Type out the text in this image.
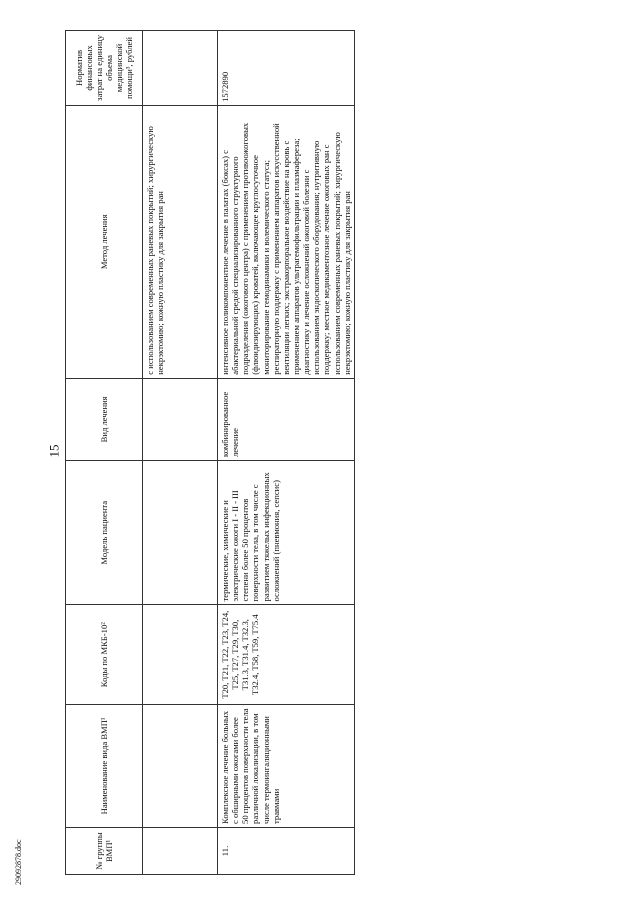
15
№ группы ВМП¹	Наименование вида ВМП¹	Коды по МКБ-10²	Модель пациента	Вид лечения	Метод лечения	Норматив финансовых затрат на единицу объема медицинской помощи³, рублей
					с использованием современных раневых покрытий; хирургическую некрэктомию; кожную пластику для закрытия ран	
11.	Комплексное лечение больных с обширными ожогами более 50 процентов поверхности тела различной локализации, в том числе термоингаляционными травмами	T20, T21, T22, T23, T24, T25, T27, T29, T30, T31.3, T31.4, T32.3, T32.4, T58, T59, T75.4	термические, химические и электрические ожоги I - II - III степени более 50 процентов поверхности тела, в том числе с развитием тяжелых инфекционных осложнений (пневмония, сепсис)	комбинированное лечение	интенсивное поликомпонентное лечение в палатах (боксах) с абактериальной средой специализированного структурного подразделения (ожогового центра) с применением противоожоговых (флюидизирующих) кроватей, включающее круглосуточное мониторирование гемодинамики и волемического статуса; респираторную поддержку с применением аппаратов искусственной вентиляции легких; экстракорпоральное воздействие на кровь с применением аппаратов ультрагемофильтрации и плазмафереза; диагностику и лечение осложнений ожоговой болезни с использованием эндоскопического оборудования; нутритивную поддержку; местное медикаментозное лечение ожоговых ран с использованием современных раневых покрытий; хирургическую некрэктомию; кожную пластику для закрытия ран	1572890
29092878.doc
